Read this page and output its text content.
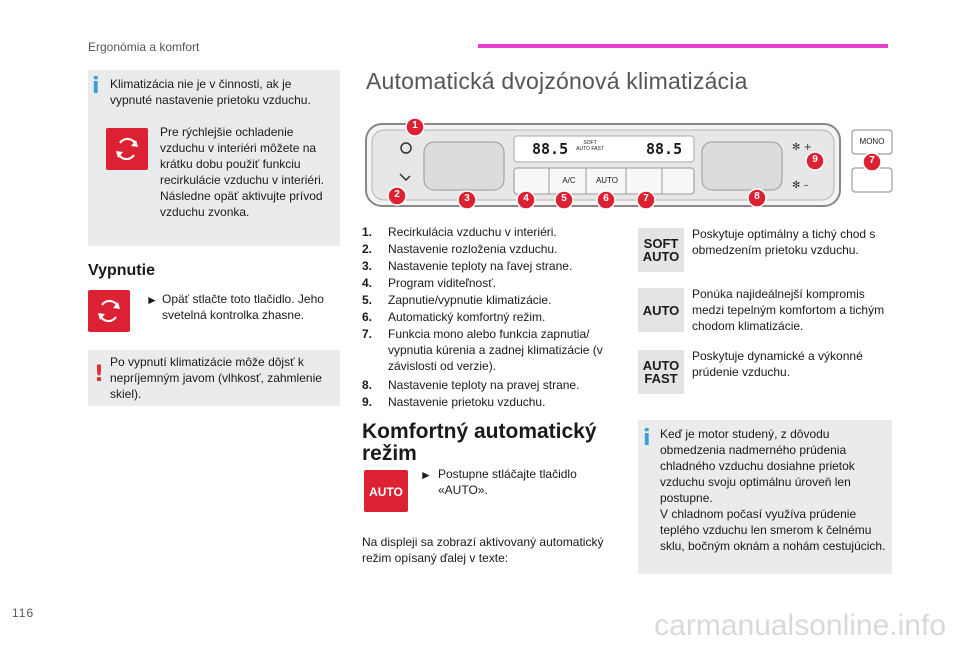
Ergonómia a komfort
i Klimatizácia nie je v činnosti, ak je vypnuté nastavenie prietoku vzduchu.
Pre rýchlejšie ochladenie vzduchu v interiéri môžete na krátku dobu použiť funkciu recirkulácie vzduchu v interiéri. Následne opäť aktivujte prívod vzduchu zvonka.
Vypnutie
► Opäť stlačte toto tlačidlo. Jeho svetelná kontrolka zhasne.
! Po vypnutí klimatizácie môže dôjsť k nepríjemným javom (vlhkosť, zahmlenie skiel).
Automatická dvojzónová klimatizácia
✻ +
✻ –
88.5	SOFT AUTO FAST	88.5
A/C	AUTO
MONO
1
2	3	4	5	6	7	8
9	7
1.	Recirkulácia vzduchu v interiéri.
2.	Nastavenie rozloženia vzduchu.
3.	Nastavenie teploty na ľavej strane.
4.	Program viditeľnosť.
5.	Zapnutie/vypnutie klimatizácie.
6.	Automatický komfortný režim.
7.	Funkcia mono alebo funkcia zapnutia/ vypnutia kúrenia a zadnej klimatizácie (v závislosti od verzie).
8.	Nastavenie teploty na pravej strane.
9.	Nastavenie prietoku vzduchu.
Komfortný automatický
režim
AUTO
► Postupne stláčajte tlačidlo «AUTO».
Na displeji sa zobrazí aktivovaný automatický režim opísaný ďalej v texte:
SOFT
AUTO
Poskytuje optimálny a tichý chod s obmedzením prietoku vzduchu.
AUTO
Ponúka najideálnejší kompromis medzi tepelným komfortom a tichým chodom klimatizácie.
AUTO
FAST
Poskytuje dynamické a výkonné prúdenie vzduchu.
i Keď je motor studený, z dôvodu obmedzenia nadmerného prúdenia chladného vzduchu dosiahne prietok vzduchu svoju optimálnu úroveň len postupne.
V chladnom počasí využíva prúdenie teplého vzduchu len smerom k čelnému sklu, bočným oknám a nohám cestujúcich.
116	carmanualsonline.info
